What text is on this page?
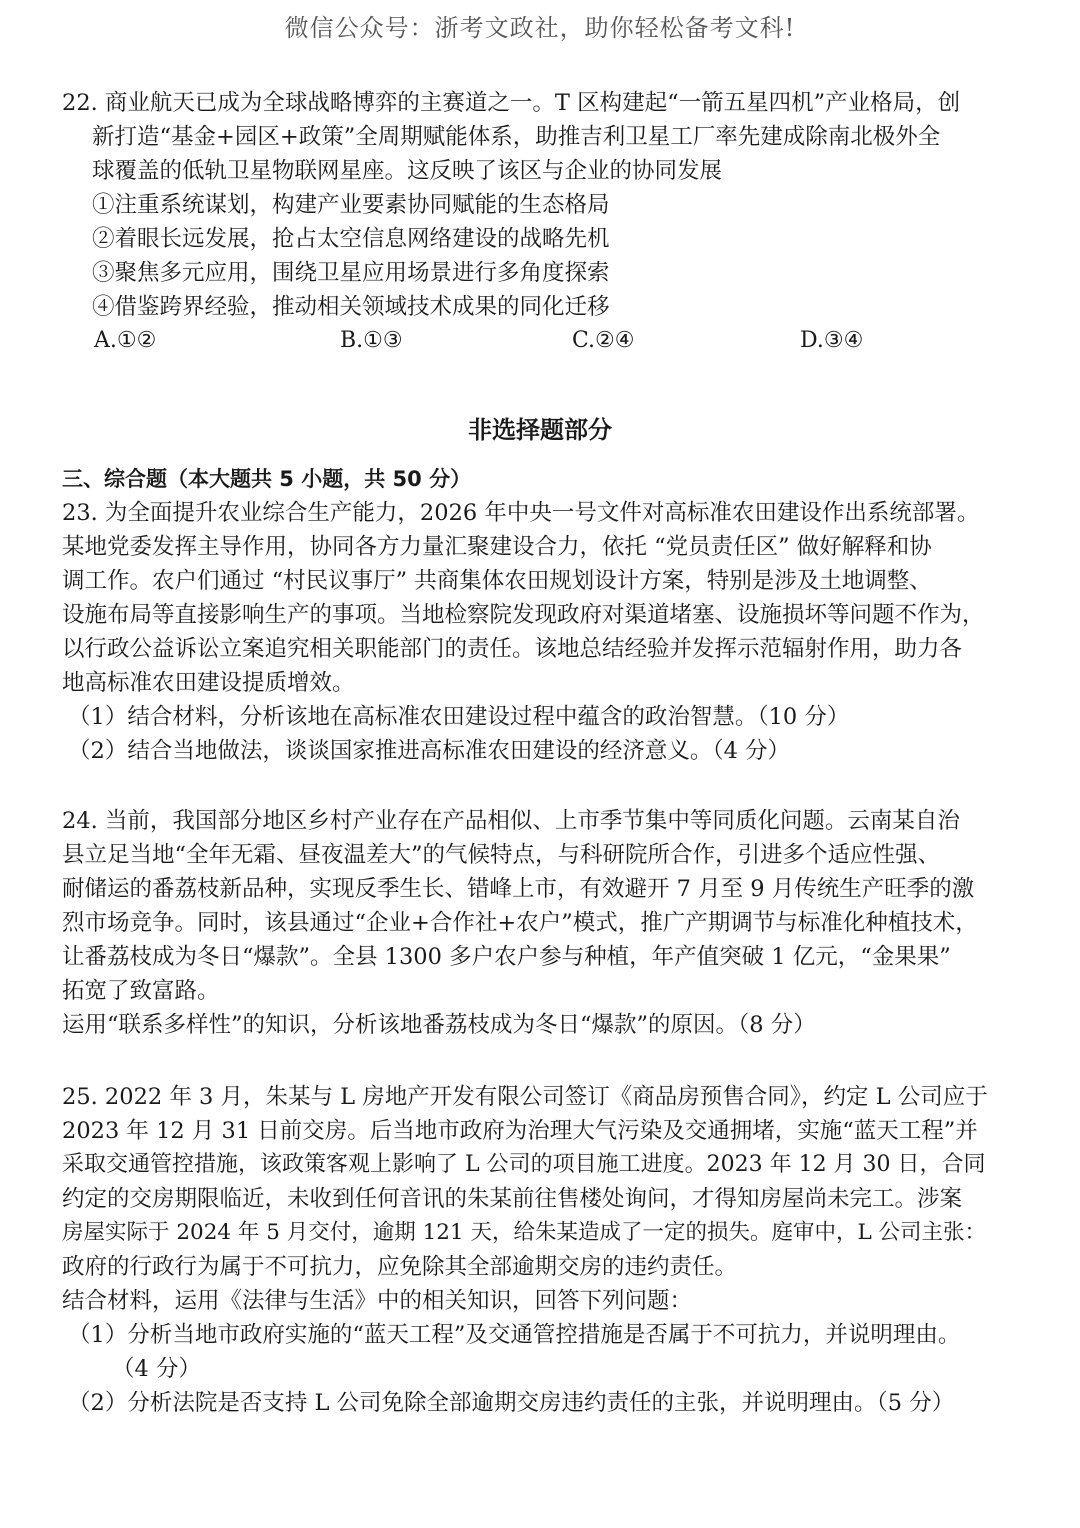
微信公众号：浙考文政社，助你轻松备考文科!
22. 商业航天已成为全球战略博弈的主赛道之一。T 区构建起“一箭五星四机”产业格局，创
新打造“基金+园区+政策”全周期赋能体系，助推吉利卫星工厂率先建成除南北极外全
球覆盖的低轨卫星物联网星座。这反映了该区与企业的协同发展
①注重系统谋划，构建产业要素协同赋能的生态格局
②着眼长远发展，抢占太空信息网络建设的战略先机
③聚焦多元应用，围绕卫星应用场景进行多角度探索
④借鉴跨界经验，推动相关领域技术成果的同化迁移
A.①②	B.①③	C.②④	D.③④
非选择题部分
三、综合题（本大题共 5 小题，共 50 分）
23. 为全面提升农业综合生产能力，2026 年中央一号文件对高标准农田建设作出系统部署。
某地党委发挥主导作用，协同各方力量汇聚建设合力，依托 “党员责任区” 做好解释和协
调工作。农户们通过 “村民议事厅” 共商集体农田规划设计方案，特别是涉及土地调整、
设施布局等直接影响生产的事项。当地检察院发现政府对渠道堵塞、设施损坏等问题不作为，
以行政公益诉讼立案追究相关职能部门的责任。该地总结经验并发挥示范辐射作用，助力各
地高标准农田建设提质增效。
（1）结合材料，分析该地在高标准农田建设过程中蕴含的政治智慧。（10 分）
（2）结合当地做法，谈谈国家推进高标准农田建设的经济意义。（4 分）
24. 当前，我国部分地区乡村产业存在产品相似、上市季节集中等同质化问题。云南某自治
县立足当地“全年无霜、昼夜温差大”的气候特点，与科研院所合作，引进多个适应性强、
耐储运的番荔枝新品种，实现反季生长、错峰上市，有效避开 7 月至 9 月传统生产旺季的激
烈市场竞争。同时，该县通过“企业+合作社+农户”模式，推广产期调节与标准化种植技术，
让番荔枝成为冬日“爆款”。全县 1300 多户农户参与种植，年产值突破 1 亿元，“金果果”
拓宽了致富路。
运用“联系多样性”的知识，分析该地番荔枝成为冬日“爆款”的原因。（8 分）
25. 2022 年 3 月，朱某与 L 房地产开发有限公司签订《商品房预售合同》，约定 L 公司应于
2023 年 12 月 31 日前交房。后当地市政府为治理大气污染及交通拥堵，实施“蓝天工程”并
采取交通管控措施，该政策客观上影响了 L 公司的项目施工进度。2023 年 12 月 30 日，合同
约定的交房期限临近，未收到任何音讯的朱某前往售楼处询问，才得知房屋尚未完工。涉案
房屋实际于 2024 年 5 月交付，逾期 121 天，给朱某造成了一定的损失。庭审中，L 公司主张：
政府的行政行为属于不可抗力，应免除其全部逾期交房的违约责任。
结合材料，运用《法律与生活》中的相关知识，回答下列问题：
（1）分析当地市政府实施的“蓝天工程”及交通管控措施是否属于不可抗力，并说明理由。
（4 分）
（2）分析法院是否支持 L 公司免除全部逾期交房违约责任的主张，并说明理由。（5 分）
